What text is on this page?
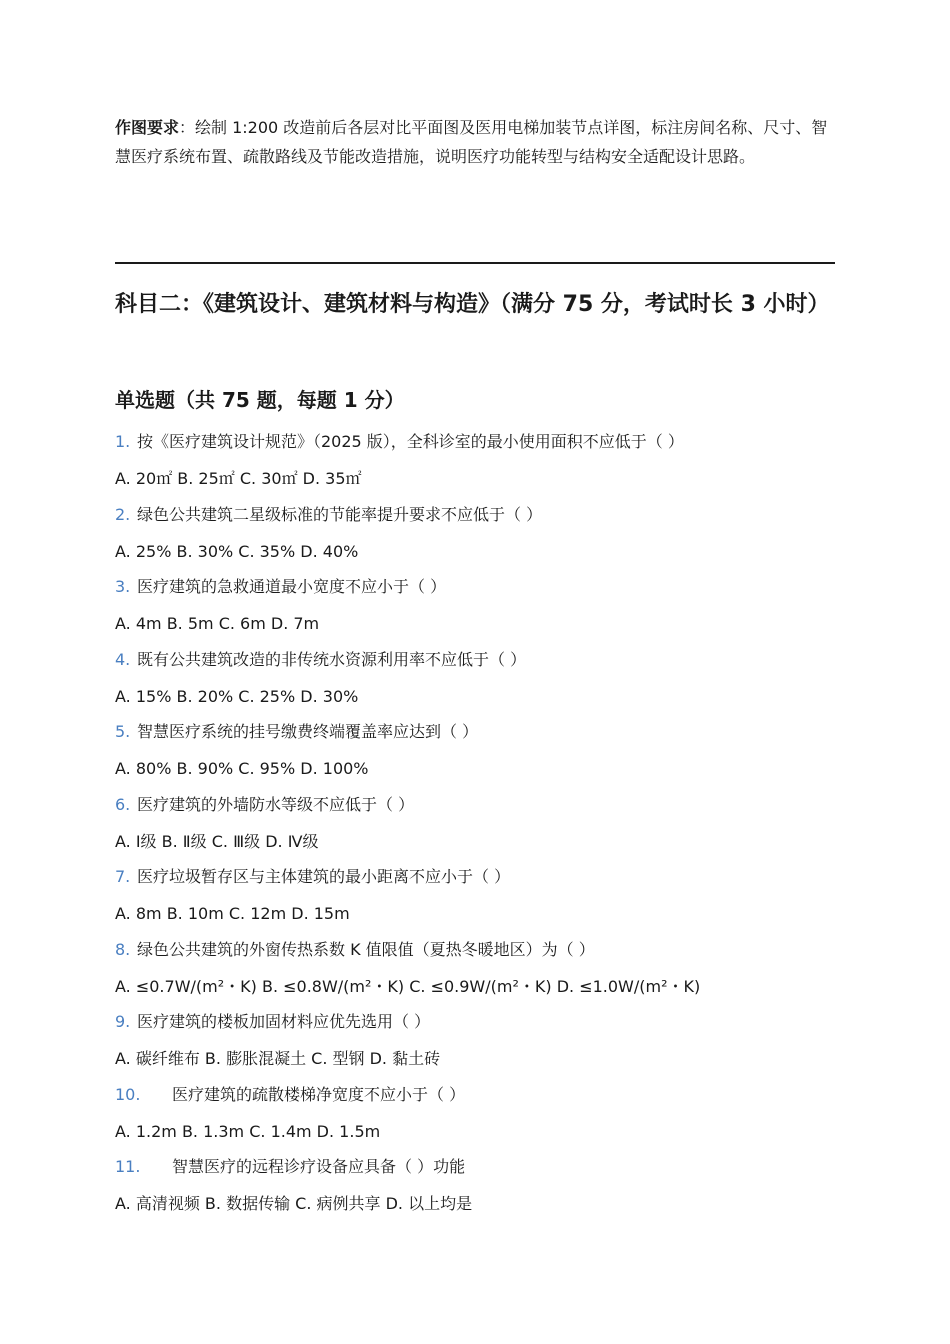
作图要求：绘制 1:200 改造前后各层对比平面图及医用电梯加装节点详图，标注房间名称、尺寸、智慧医疗系统布置、疏散路线及节能改造措施，说明医疗功能转型与结构安全适配设计思路。
科目二：《建筑设计、建筑材料与构造》（满分 75 分，考试时长 3 小时）
单选题（共 75 题，每题 1 分）
1. 按《医疗建筑设计规范》（2025 版），全科诊室的最小使用面积不应低于（ ）
A. 20㎡ B. 25㎡ C. 30㎡ D. 35㎡
2. 绿色公共建筑二星级标准的节能率提升要求不应低于（ ）
A. 25% B. 30% C. 35% D. 40%
3. 医疗建筑的急救通道最小宽度不应小于（ ）
A. 4m B. 5m C. 6m D. 7m
4. 既有公共建筑改造的非传统水资源利用率不应低于（ ）
A. 15% B. 20% C. 25% D. 30%
5. 智慧医疗系统的挂号缴费终端覆盖率应达到（ ）
A. 80% B. 90% C. 95% D. 100%
6. 医疗建筑的外墙防水等级不应低于（ ）
A. Ⅰ级 B. Ⅱ级 C. Ⅲ级 D. Ⅳ级
7. 医疗垃圾暂存区与主体建筑的最小距离不应小于（ ）
A. 8m B. 10m C. 12m D. 15m
8. 绿色公共建筑的外窗传热系数 K 值限值（夏热冬暖地区）为（ ）
A. ≤0.7W/(m²・K) B. ≤0.8W/(m²・K) C. ≤0.9W/(m²・K) D. ≤1.0W/(m²・K)
9. 医疗建筑的楼板加固材料应优先选用（ ）
A. 碳纤维布 B. 膨胀混凝土 C. 型钢 D. 黏土砖
10. 医疗建筑的疏散楼梯净宽度不应小于（ ）
A. 1.2m B. 1.3m C. 1.4m D. 1.5m
11. 智慧医疗的远程诊疗设备应具备（ ）功能
A. 高清视频 B. 数据传输 C. 病例共享 D. 以上均是
